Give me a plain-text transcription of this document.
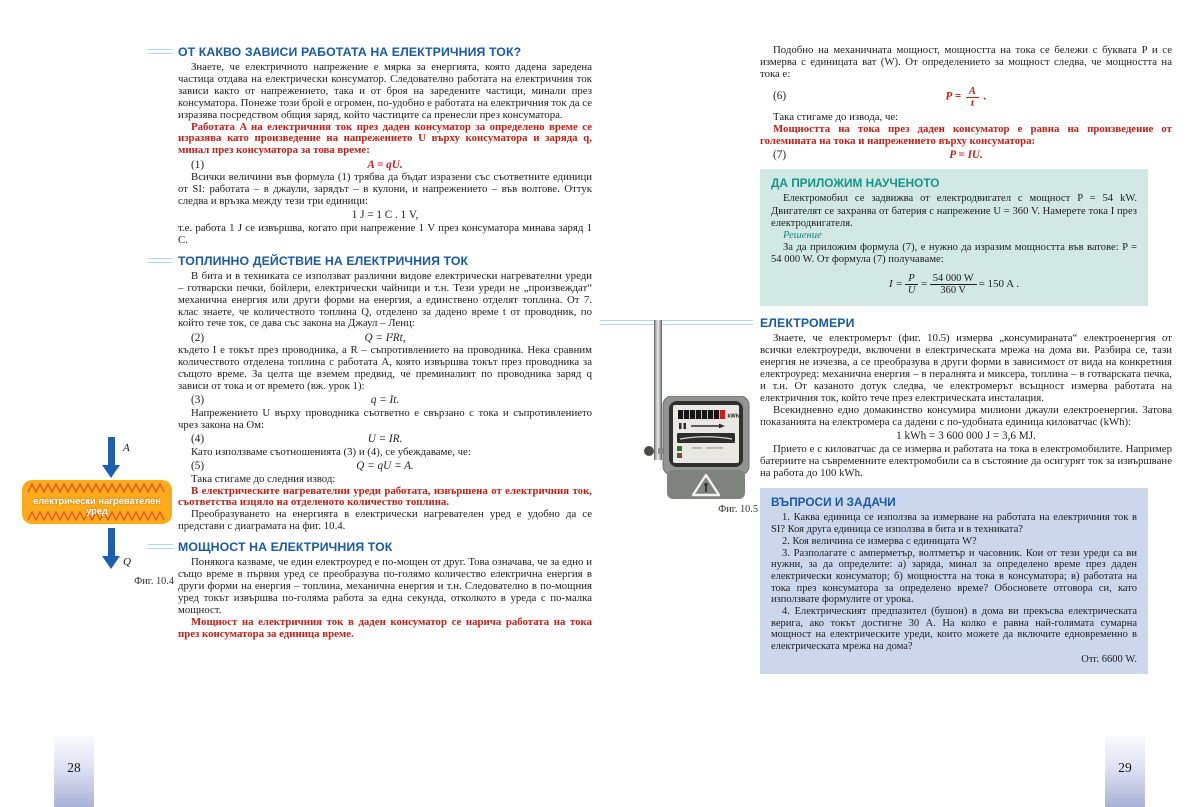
ОТ КАКВО ЗАВИСИ РАБОТАТА НА ЕЛЕКТРИЧНИЯ ТОК?

Знаете, че електричното напрежение е мярка за енергията, която дадена заредена частица отдава на електрически консуматор. Следователно работата на електричния ток зависи както от напрежението, така и от броя на заредените частици, минали през консуматора. Понеже този брой е огромен, по-удобно е работата на електричния ток да се изразява посредством общия заряд, който частиците са пренесли през консуматора.

Работата A на електричния ток през даден консуматор за определено време се изразява като произведение на напрежението U върху консуматора и заряда q, минал през консуматора за това време:

(1)	A = qU.

Всички величини във формула (1) трябва да бъдат изразени със съответните единици от SI: работата – в джаули, зарядът – в кулони, и напрежението – във волтове. Оттук следва и връзка между тези три единици:

1 J = 1 C . 1 V,

т.е. работа 1 J се извършва, когато при напрежение 1 V през консуматора минава заряд 1 C.

ТОПЛИННО ДЕЙСТВИЕ НА ЕЛЕКТРИЧНИЯ ТОК

В бита и в техниката се използват различни видове електрически нагревателни уреди – готварски печки, бойлери, електрически чайници и т.н. Тези уреди не „произвеждат“ механична енергия или други форми на енергия, а единствено отделят топлина. От 7. клас знаете, че количеството топлина Q, отделено за дадено време t от проводник, по който тече ток, се дава със закона на Джаул – Ленц:

(2)	Q = I²Rt,

където I е токът през проводника, а R – съпротивлението на проводника. Нека сравним количеството отделена топлина с работата A, която извършва токът през проводника за същото време. За целта ще вземем предвид, че преминалият по проводника заряд q зависи от тока и от времето (вж. урок 1):

(3)	q = It.

Напрежението U върху проводника съответно е свързано с тока и съпротивлението чрез закона на Ом:

(4)	U = IR.

Като използваме съотношенията (3) и (4), се убеждаваме, че:

(5)	Q = qU = A.

Така стигаме до следния извод:

В електрическите нагревателни уреди работата, извършена от електричния ток, съответства изцяло на отделеното количество топлина.

Преобразуването на енергията в електрически нагревателен уред е удобно да се представи с диаграмата на фиг. 10.4.

МОЩНОСТ НА ЕЛЕКТРИЧНИЯ ТОК

Понякога казваме, че един електроуред е по-мощен от друг. Това означава, че за едно и също време в първия уред се преобразува по-голямо количество електрична енергия в други форми на енергия – топлина, механична енергия и т.н. Следователно в по-мощния уред токът извършва по-голяма работа за една секунда, отколкото в уреда с по-малка мощност.

Мощност на електричния ток в даден консуматор се нарича работата на тока през консуматора за единица време.

A
електрически нагревателен уред
Q
Фиг. 10.4

Подобно на механичната мощност, мощността на тока се бележи с буквата P и се измерва с единицата ват (W). От определението за мощност следва, че мощността на тока е:

(6)	$P = \frac{A}{t}$ .

Така стигаме до извода, че:

Мощността на тока през даден консуматор е равна на произведение от големината на тока и напрежението върху консуматора:

(7)	P = IU.
ДА ПРИЛОЖИМ НАУЧЕНОТО

Електромобил се задвижва от електродвигател с мощност P = 54 kW. Двигателят се захранва от батерия с напрежение U = 360 V. Намерете тока I през електродвигателя.

Решение

За да приложим формула (7), е нужно да изразим мощността във ватове: P = 54 000 W. От формула (7) получаваме:

$I = \frac{P}{U} = \frac{54 000 W}{360 V} = 150$ A .
ЕЛЕКТРОМЕРИ

Знаете, че електромерът (фиг. 10.5) измерва „консумираната“ електроенергия от всички електроуреди, включени в електрическата мрежа на дома ви. Разбира се, тази енергия не изчезва, а се преобразува в други форми в зависимост от вида на конкретния електроуред: механична енергия – в пералнята и миксера, топлина – в готварската печка, и т.н. От казаното дотук следва, че електромерът всъщност измерва работата на електричния ток, който тече през електрическата инсталация.

Всекидневно едно домакинство консумира милиони джаули електроенергия. Затова показанията на електромера са дадени с по-удобната единица киловатчас (kWh):

1 kWh = 3 600 000 J = 3,6 MJ.

Прието е с киловатчас да се измерва и работата на тока в електромобилите. Например батериите на съвременните електромобили са в състояние да осигурят ток за извършване на работа до 100 kWh.

ВЪПРОСИ И ЗАДАЧИ

1. Каква единица се използва за измерване на работата на електричния ток в SI? Коя друга единица се използва в бита и в техниката?

2. Коя величина се измерва с единицата W?

3. Разполагате с амперметър, волтметър и часовник. Кои от тези уреди са ви нужни, за да определите: а) заряда, минал за определено време през даден електрически консуматор; б) мощността на тока в консуматора; в) работата на тока през консуматора за определено време? Обосновете отговора си, като използвате формулите от урока.

4. Електрическият предпазител (бушон) в дома ви прекъсва електрическата верига, ако токът достигне 30 A. На колко е равна най-голямата сумарна мощност на електрическите уреди, които можете да включите едновременно в електрическата мрежа на дома?

Отг. 6600 W.

kWh
Фиг. 10.5
28	29
